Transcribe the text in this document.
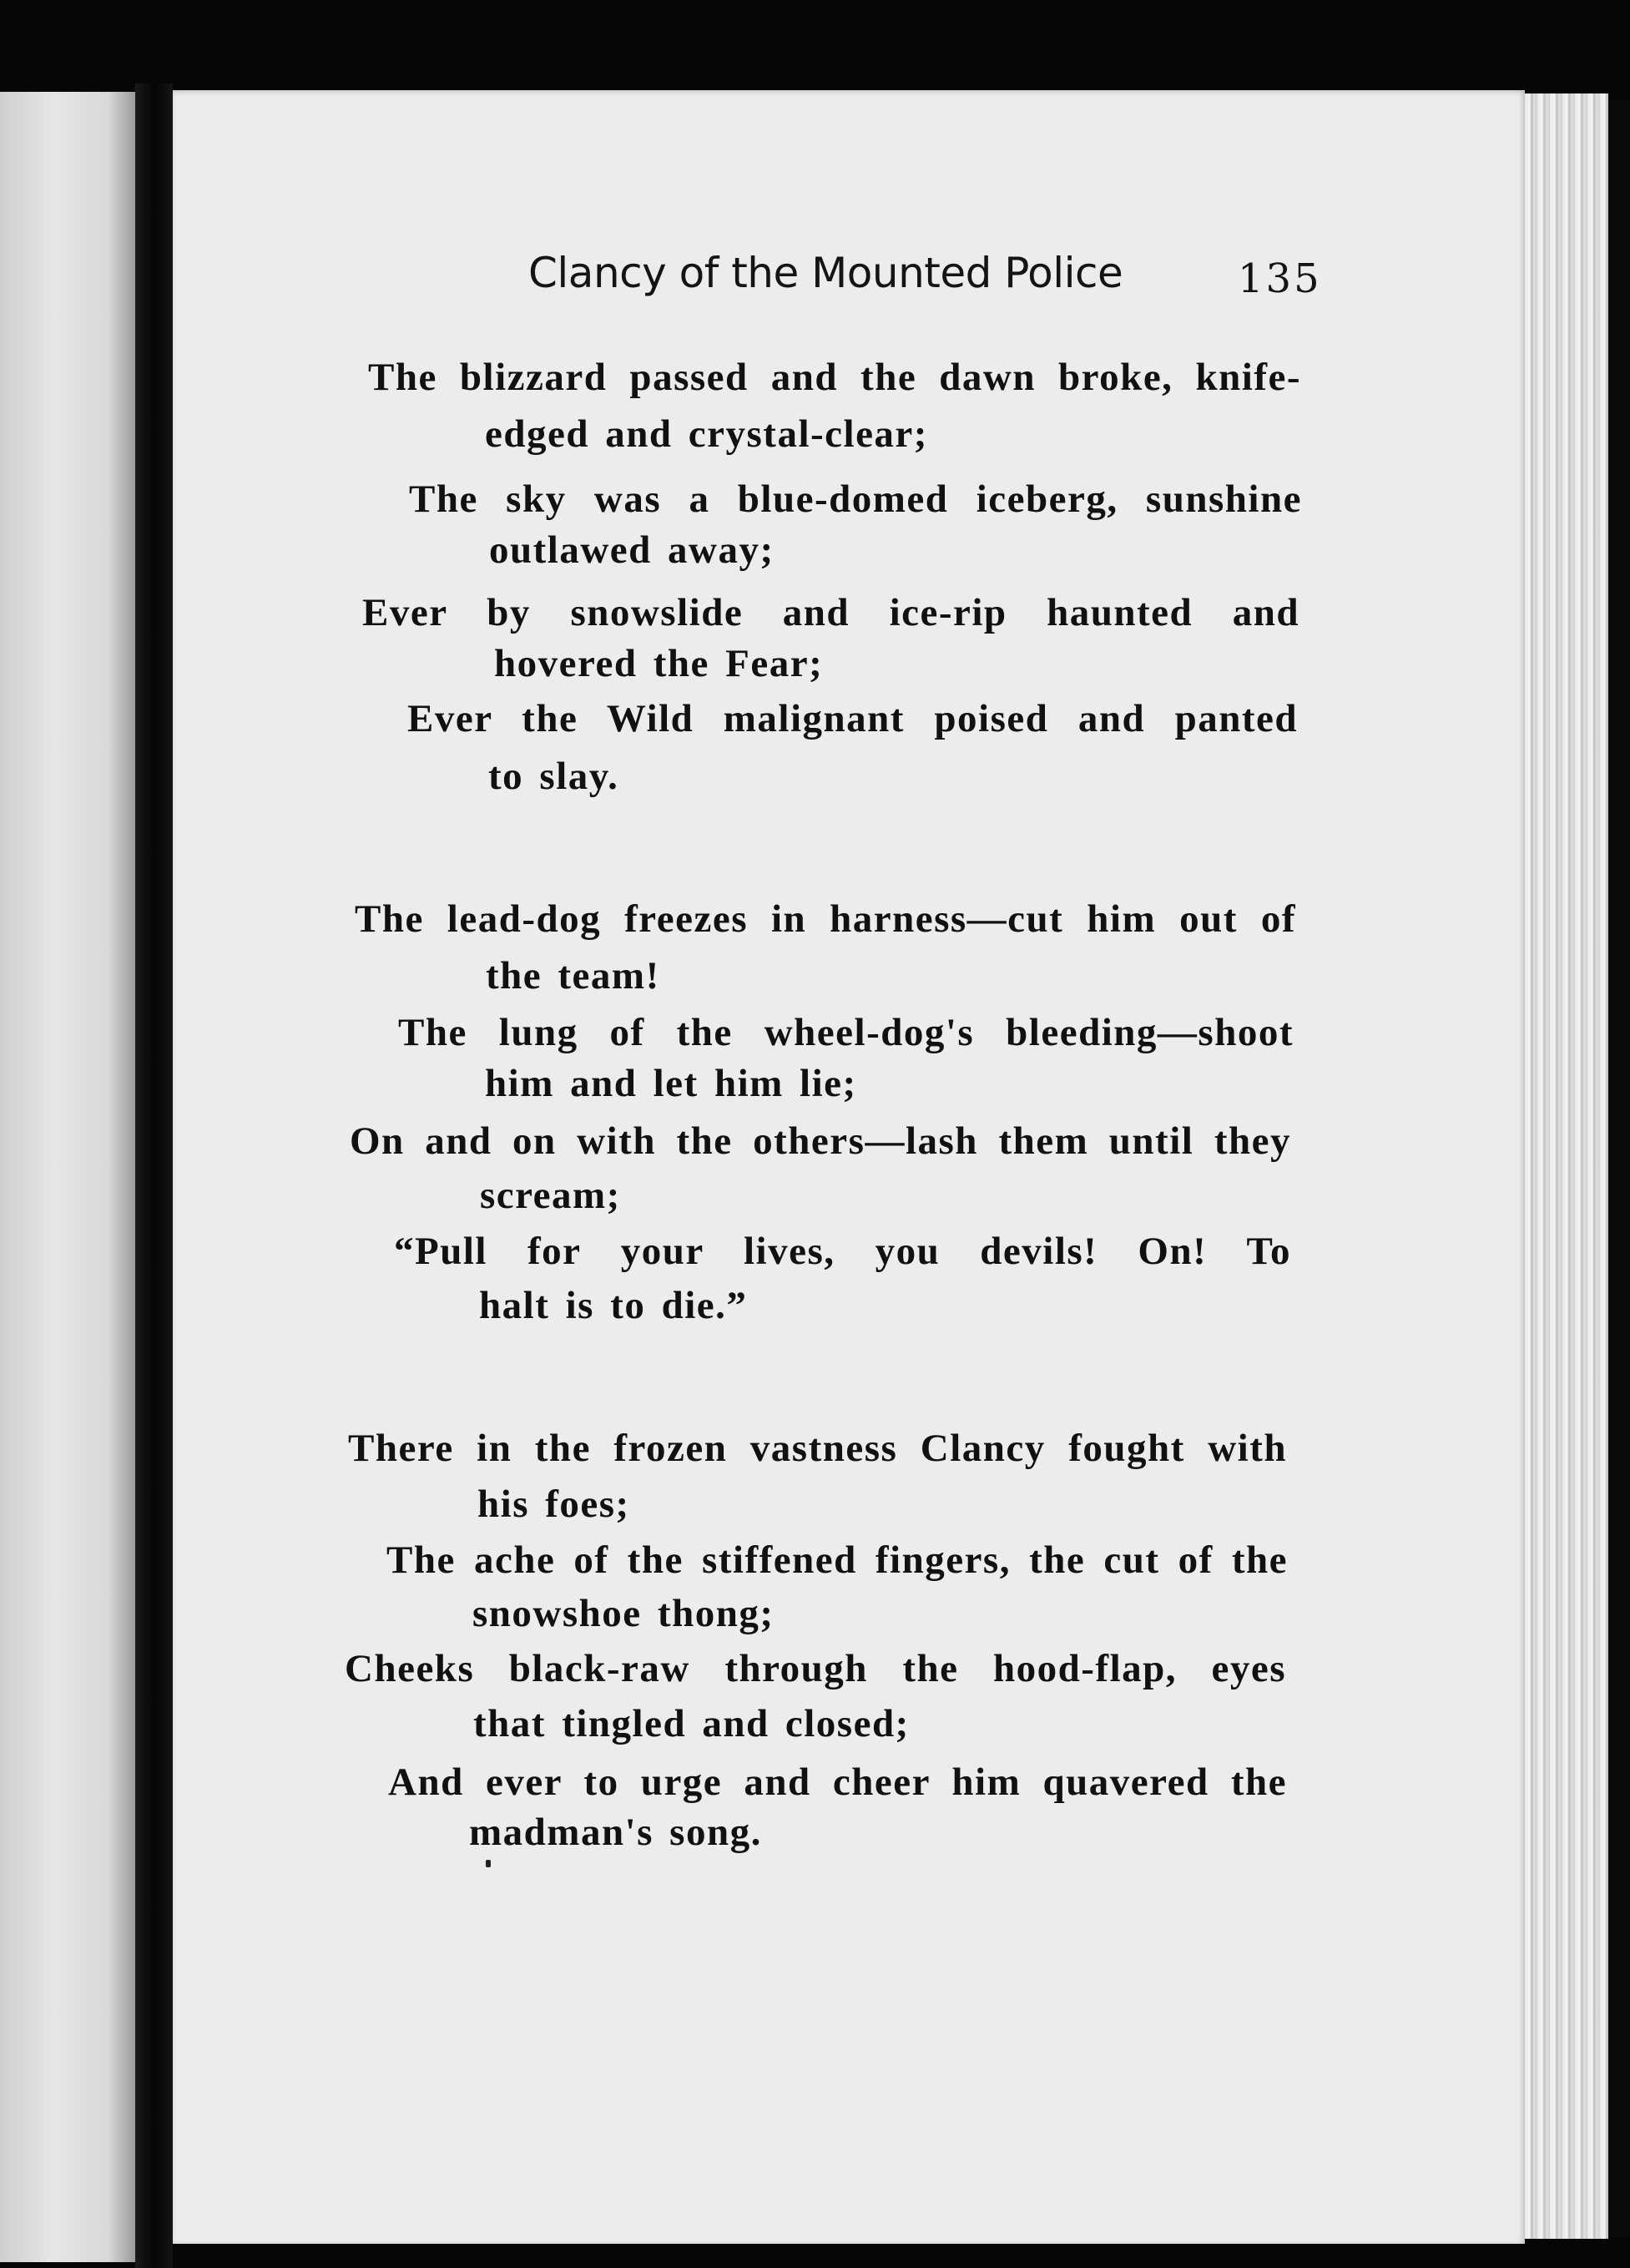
Clancy of the Mounted Police	135
The blizzard passed and the dawn broke, knife-
edged and crystal-clear;
The sky was a blue-domed iceberg, sunshine
outlawed away;
Ever by snowslide and ice-rip haunted and
hovered the Fear;
Ever the Wild malignant poised and panted
to slay.
The lead-dog freezes in harness—cut him out of
the team!
The lung of the wheel-dog's bleeding—shoot
him and let him lie;
On and on with the others—lash them until they
scream;
“Pull for your lives, you devils! On! To
halt is to die.”
There in the frozen vastness Clancy fought with
his foes;
The ache of the stiffened fingers, the cut of the
snowshoe thong;
Cheeks black-raw through the hood-flap, eyes
that tingled and closed;
And ever to urge and cheer him quavered the
madman's song.
